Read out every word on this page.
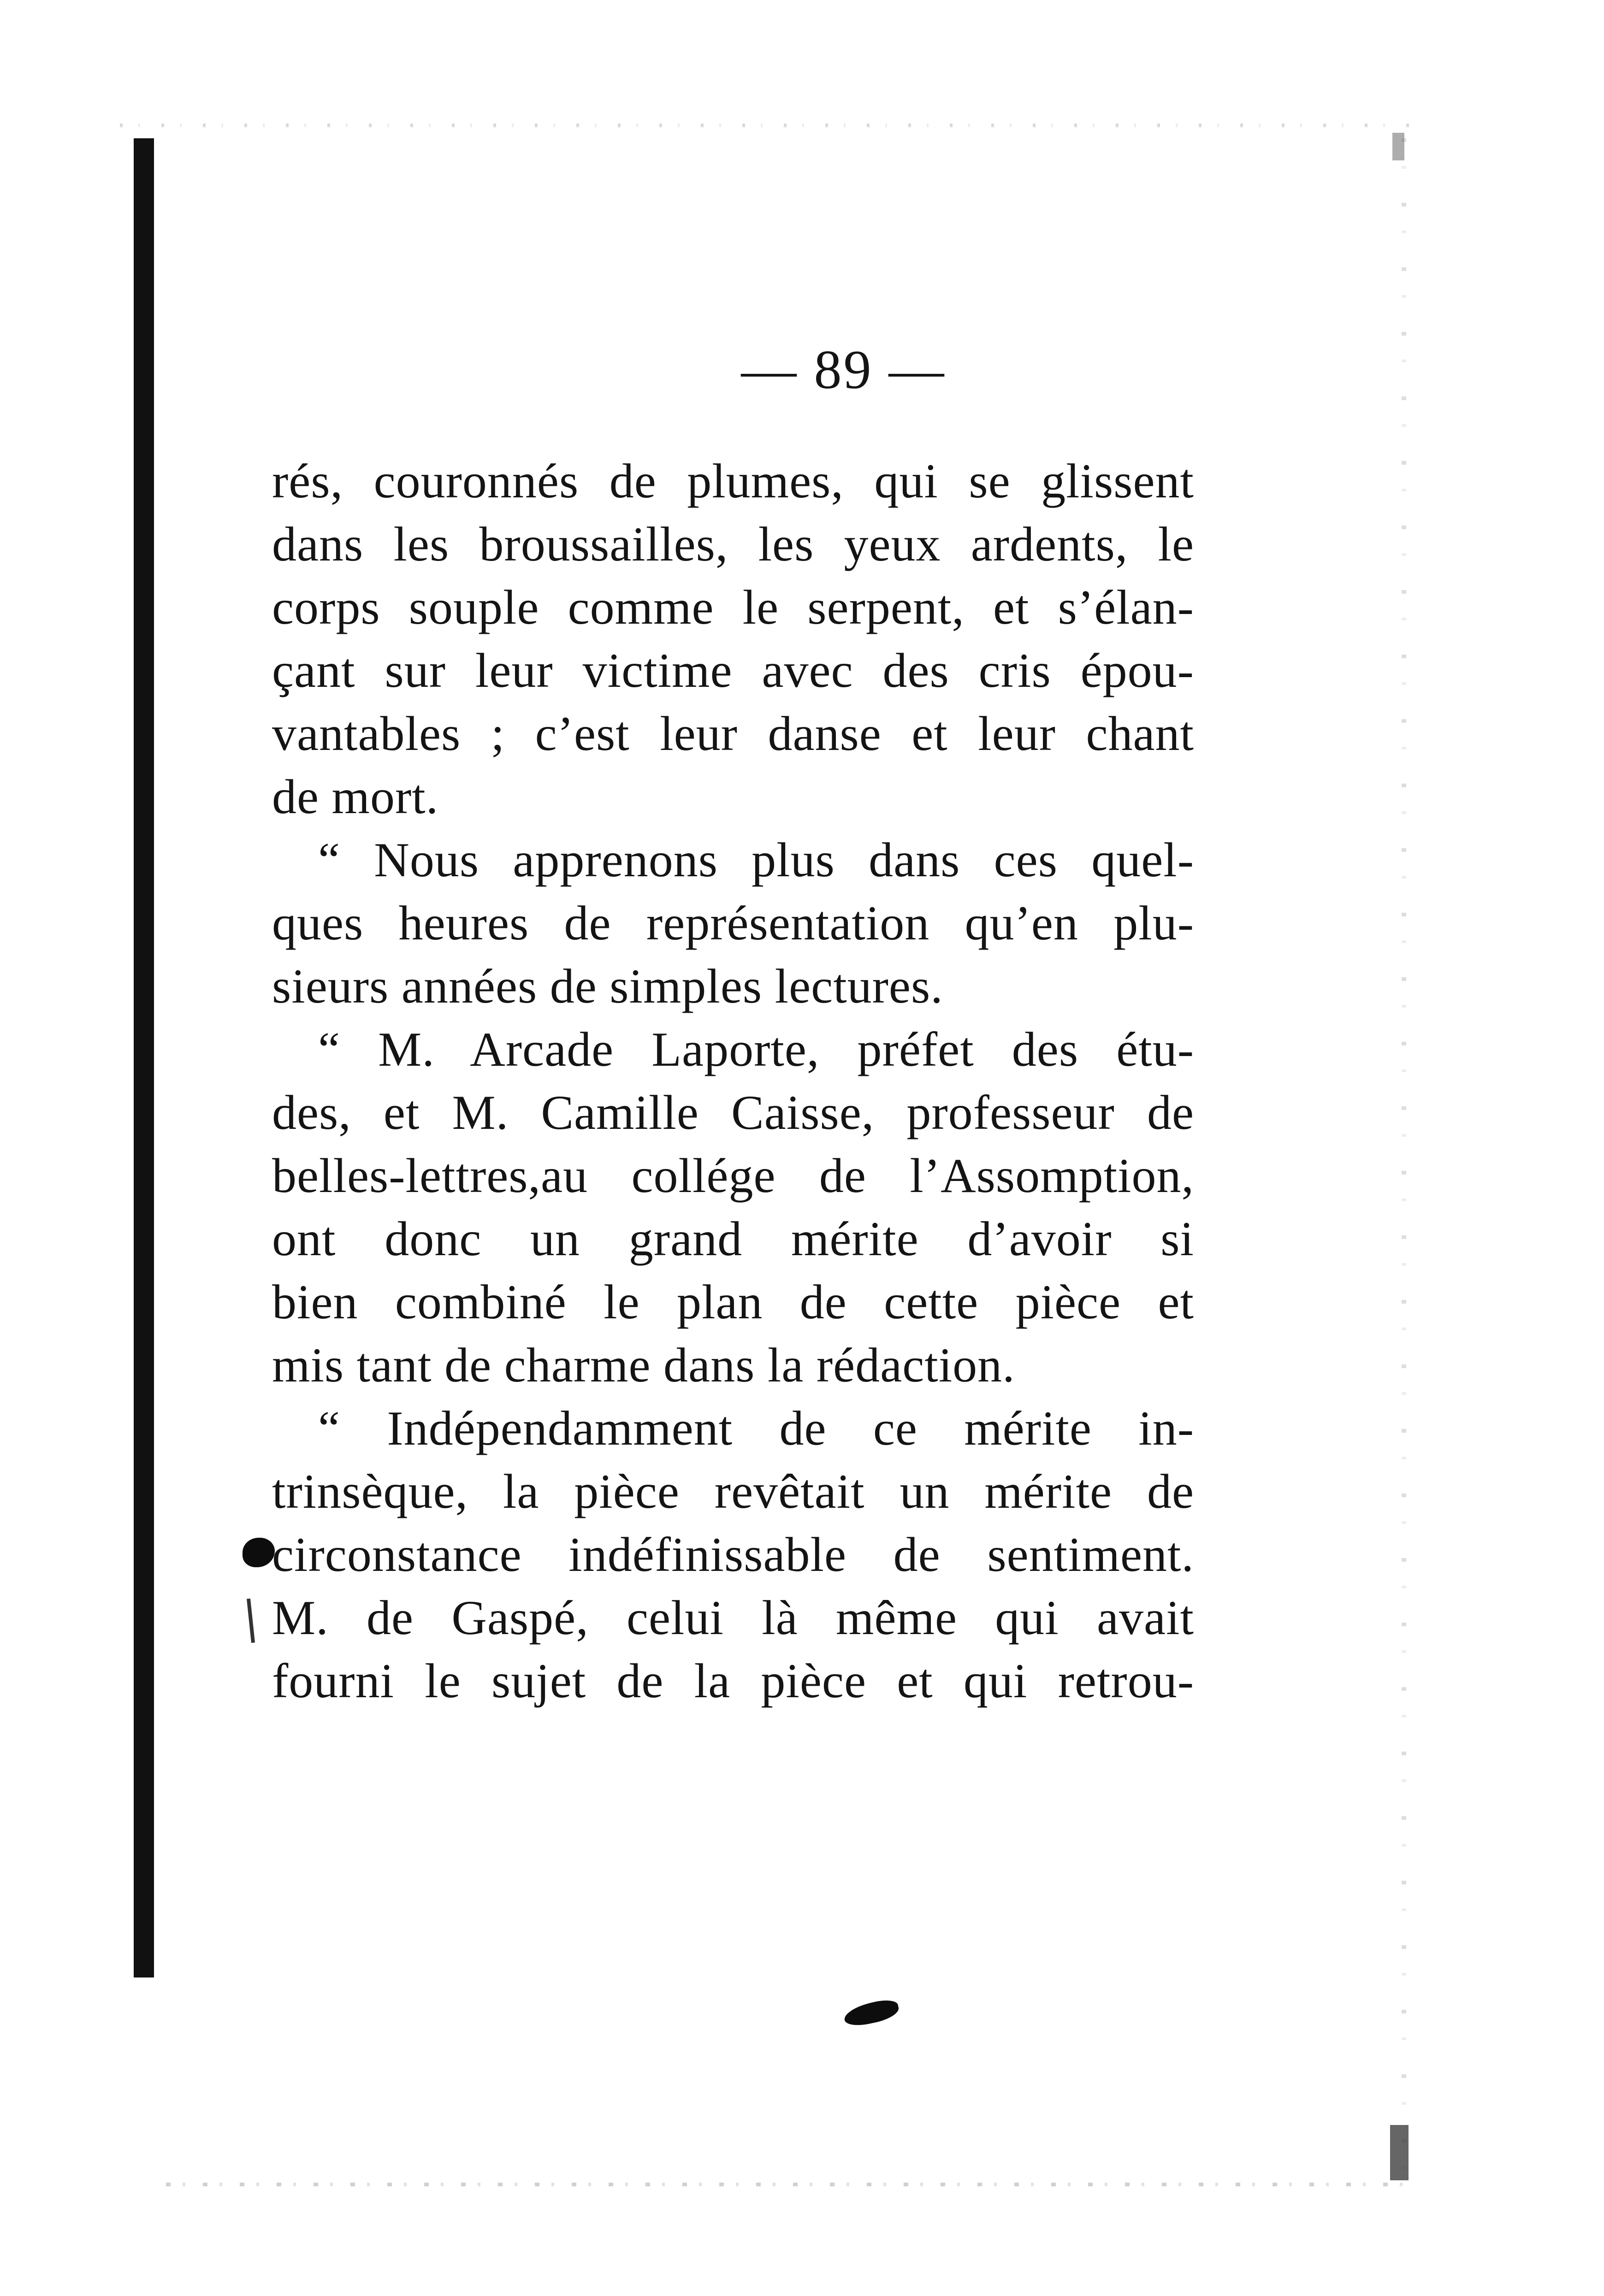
— 89 —
rés, couronnés de plumes, qui se glissent
dans les broussailles, les yeux ardents, le
corps souple comme le serpent, et s’élan-
çant sur leur victime avec des cris épou-
vantables ; c’est leur danse et leur chant
de mort.
“ Nous apprenons plus dans ces quel-
ques heures de représentation qu’en plu-
sieurs années de simples lectures.
“ M. Arcade Laporte, préfet des étu-
des, et M. Camille Caisse, professeur de
belles-lettres,au collége de l’Assomption,
ont donc un grand mérite d’avoir si
bien combiné le plan de cette pièce et
mis tant de charme dans la rédaction.
“ Indépendamment de ce mérite in-
trinsèque, la pièce revêtait un mérite de
circonstance indéfinissable de sentiment.
M. de Gaspé, celui là même qui avait
fourni le sujet de la pièce et qui retrou-
